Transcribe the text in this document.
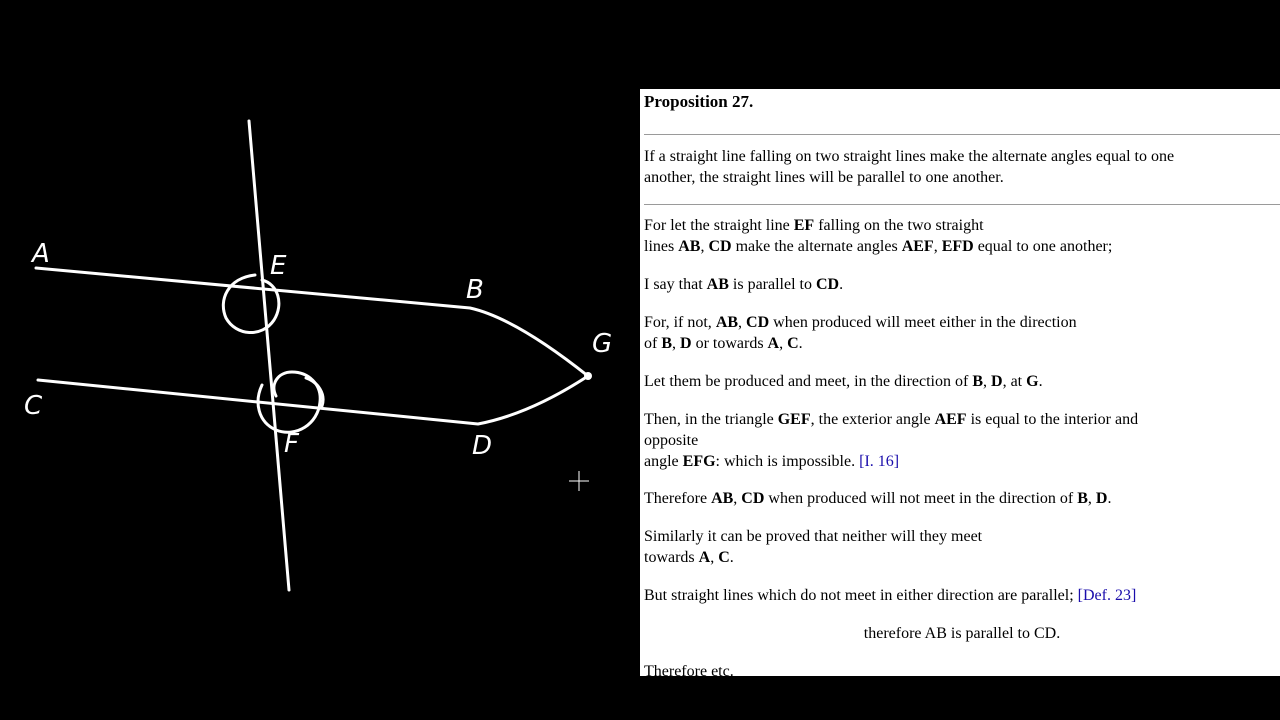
A	E
B
G
C
F	D
Proposition 27.
If a straight line falling on two straight lines make the alternate angles equal to one
another, the straight lines will be parallel to one another.
For let the straight line EF falling on the two straight
lines AB, CD make the alternate angles AEF, EFD equal to one another;
I say that AB is parallel to CD.
For, if not, AB, CD when produced will meet either in the direction
of B, D or towards A, C.
Let them be produced and meet, in the direction of B, D, at G.
Then, in the triangle GEF, the exterior angle AEF is equal to the interior and
opposite
angle EFG: which is impossible. [I. 16]
Therefore AB, CD when produced will not meet in the direction of B, D.
Similarly it can be proved that neither will they meet
towards A, C.
But straight lines which do not meet in either direction are parallel; [Def. 23]
therefore AB is parallel to CD.
Therefore etc.
